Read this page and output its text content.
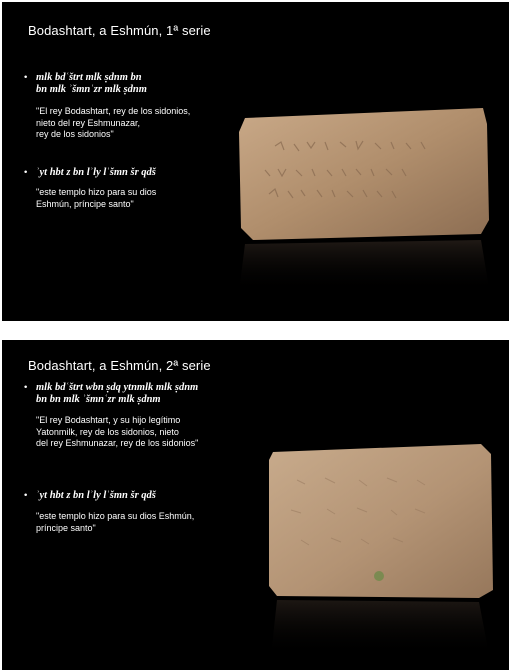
Bodashtart, a Eshmún, 1ª serie
• mlk bdʿštrt mlk ṣdnm bn
bn mlk ʾšmnʿzr mlk ṣdnm
"El rey Bodashtart, rey de los sidonios,
nieto del rey Eshmunazar,
rey de los sidonios"
• ʾyt hbt z bn lʾly lʾšmn šr qdš
"este templo hizo para su dios
Eshmún, príncipe santo"
Bodashtart, a Eshmún, 2ª serie
• mlk bdʿštrt wbn ṣdq ytnmlk mlk ṣdnm
bn bn mlk ʾšmnʿzr mlk ṣdnm
"El rey Bodashtart, y su hijo legítimo
Yatonmilk, rey de los sidonios, nieto
del rey Eshmunazar, rey de los sidonios"
• ʾyt hbt z bn lʾly lʾšmn šr qdš
"este templo hizo para su dios Eshmún,
príncipe santo"
